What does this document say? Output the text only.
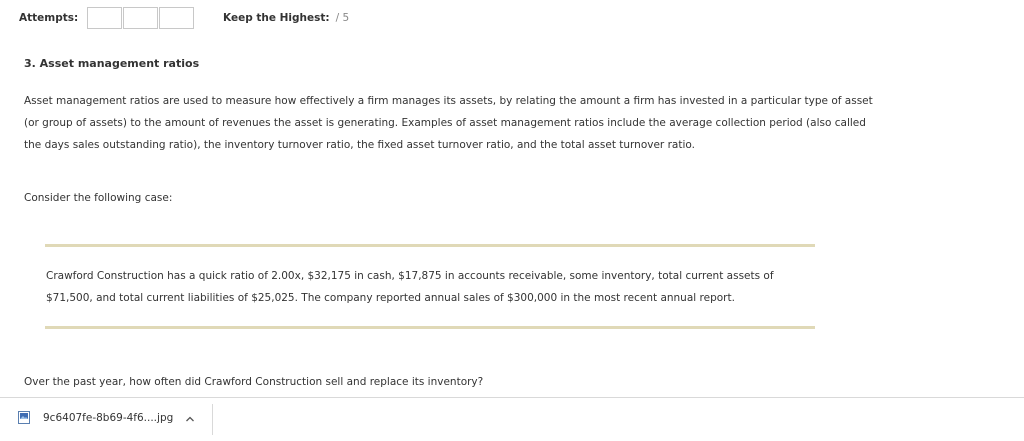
Attempts:	Keep the Highest: / 5
3. Asset management ratios
Asset management ratios are used to measure how effectively a firm manages its assets, by relating the amount a firm has invested in a particular type of asset (or group of assets) to the amount of revenues the asset is generating. Examples of asset management ratios include the average collection period (also called the days sales outstanding ratio), the inventory turnover ratio, the fixed asset turnover ratio, and the total asset turnover ratio.
Consider the following case:
Crawford Construction has a quick ratio of 2.00x, $32,175 in cash, $17,875 in accounts receivable, some inventory, total current assets of $71,500, and total current liabilities of $25,025. The company reported annual sales of $300,000 in the most recent annual report.
Over the past year, how often did Crawford Construction sell and replace its inventory?
9c6407fe-8b69-4f6....jpg
